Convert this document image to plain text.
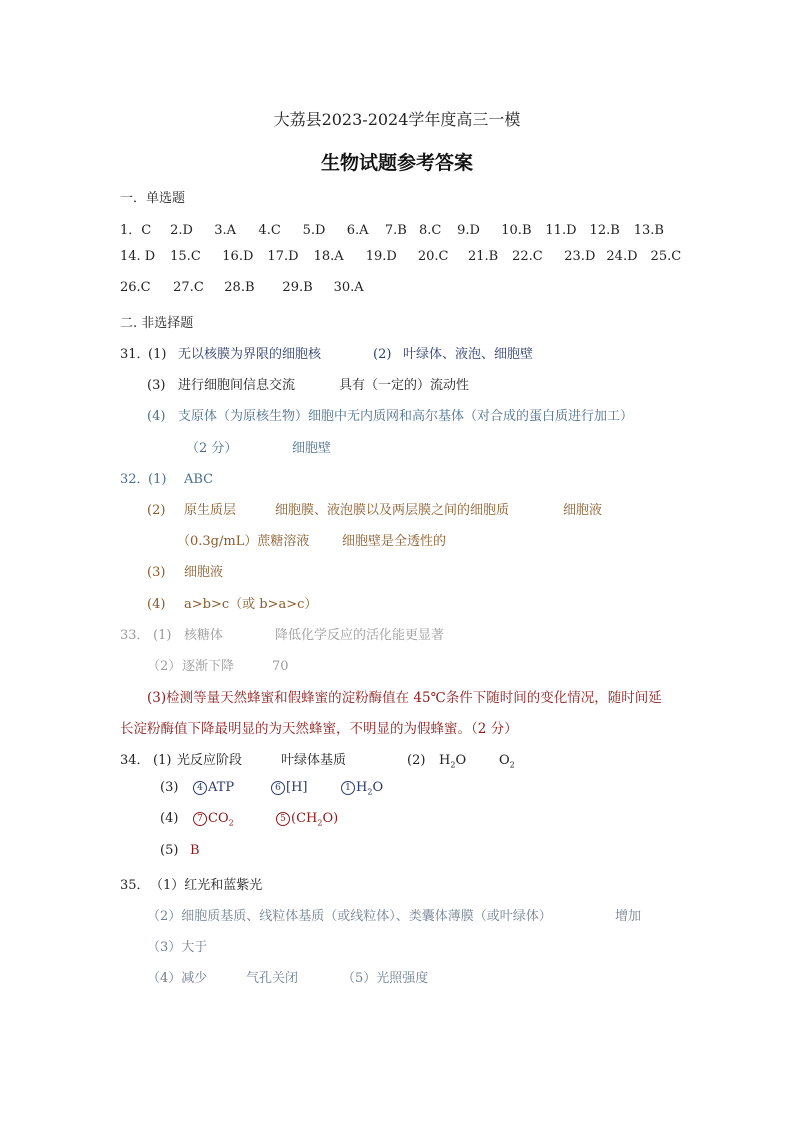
大荔县2023-2024学年度高三一模
生物试题参考答案
一．单选题
1．C 2.D 3.A 4.C 5.D 6.A 7.B 8.C 9.D 10.B 11.D 12.B 13.B
14. D 15.C 16.D 17.D 18.A 19.D 20.C 21.B 22.C 23.D 24.D 25.C
26.C 27.C 28.B 29.B 30.A
二. 非选择题
31．(1) 无以核膜为界限的细胞核	(2) 叶绿体、液泡、细胞壁
(3) 进行细胞间信息交流	具有（一定的）流动性
(4) 支原体（为原核生物）细胞中无内质网和高尔基体（对合成的蛋白质进行加工）
（2 分）	细胞壁
32．(1) ABC
(2) 原生质层	细胞膜、液泡膜以及两层膜之间的细胞质	细胞液
（0.3g/mL）蔗糖溶液	细胞壁是全透性的
(3) 细胞液
(4) a>b>c（或 b>a>c）
33． (1) 核糖体	降低化学反应的活化能更显著
（2）逐渐下降	70
(3)检测等量天然蜂蜜和假蜂蜜的淀粉酶值在 45℃条件下随时间的变化情况，随时间延
长淀粉酶值下降最明显的为天然蜂蜜，不明显的为假蜂蜜。（2 分）
34． (1) 光反应阶段	叶绿体基质	(2) $H_2O$	$O_2$
(3) 4 ATP	6 [H]	1 $H_2O$
(4) 7 $CO_2$	5 $(CH_2O)$
(5) B
35．（1）红光和蓝紫光
（2）细胞质基质、线粒体基质（或线粒体）、类囊体薄膜（或叶绿体）	增加
（3）大于
（4）减少	气孔关闭	（5）光照强度
